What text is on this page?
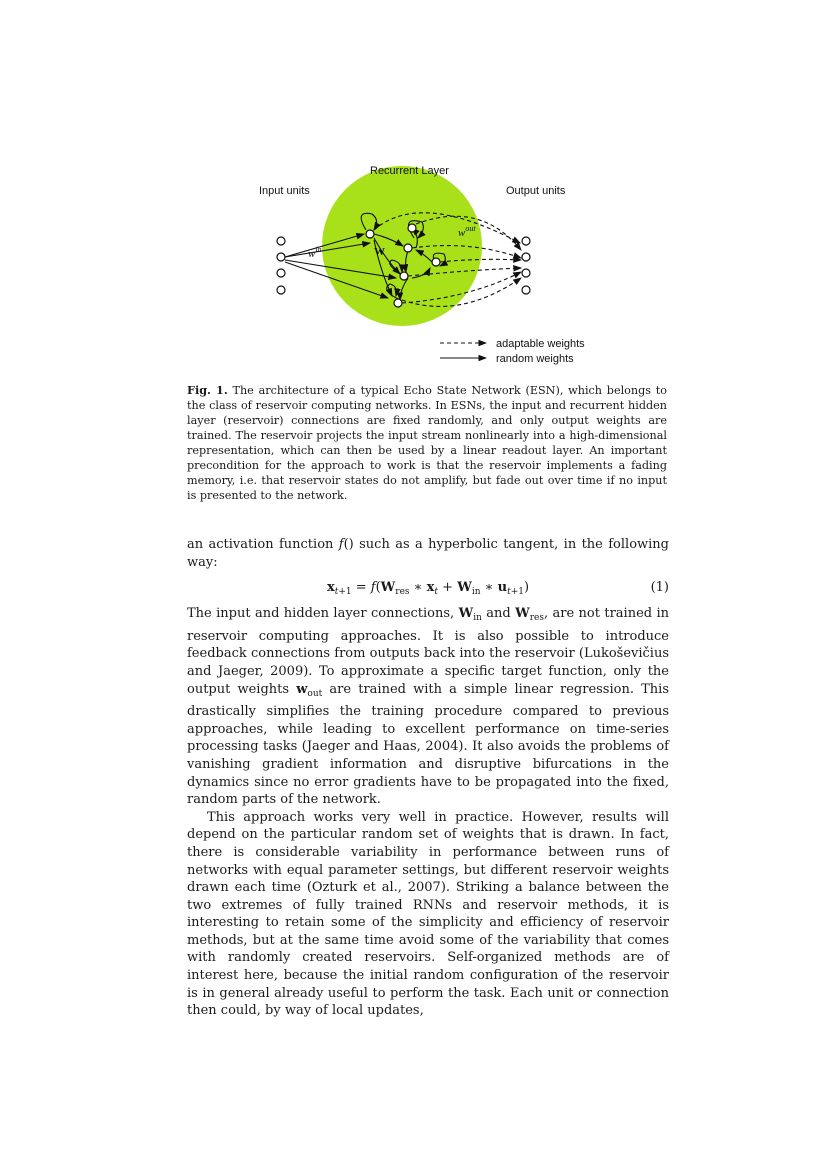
Recurrent Layer
Input units	Output units
$w^{in}$	W
$w^{out}$
adaptable weights
random weights
Fig. 1. The architecture of a typical Echo State Network (ESN), which belongs to the class of reservoir computing networks. In ESNs, the input and recurrent hidden layer (reservoir) connections are fixed randomly, and only output weights are trained. The reservoir projects the input stream nonlinearly into a high-dimensional representation, which can then be used by a linear readout layer. An important precondition for the approach to work is that the reservoir implements a fading memory, i.e. that reservoir states do not amplify, but fade out over time if no input is presented to the network.

an activation function f() such as a hyperbolic tangent, in the following way:

$x_{t+1} = f(W_{res}$ ∗ $x_t + W_{in}$ ∗ $u_{t+1}$)	(1)

The input and hidden layer connections, $W_{in}$ and $W_{res}$, are not trained in reservoir computing approaches. It is also possible to introduce feedback connections from outputs back into the reservoir (Lukoševičius and Jaeger, 2009). To approximate a specific target function, only the output weights $w_{out}$ are trained with a simple linear regression. This drastically simplifies the training procedure compared to previous approaches, while leading to excellent performance on time-series processing tasks (Jaeger and Haas, 2004). It also avoids the problems of vanishing gradient information and disruptive bifurcations in the dynamics since no error gradients have to be propagated into the fixed, random parts of the network.

This approach works very well in practice. However, results will depend on the particular random set of weights that is drawn. In fact, there is considerable variability in performance between runs of networks with equal parameter settings, but different reservoir weights drawn each time (Ozturk et al., 2007). Striking a balance between the two extremes of fully trained RNNs and reservoir methods, it is interesting to retain some of the simplicity and efficiency of reservoir methods, but at the same time avoid some of the variability that comes with randomly created reservoirs. Self-organized methods are of interest here, because the initial random configuration of the reservoir is in general already useful to perform the task. Each unit or connection then could, by way of local updates,
